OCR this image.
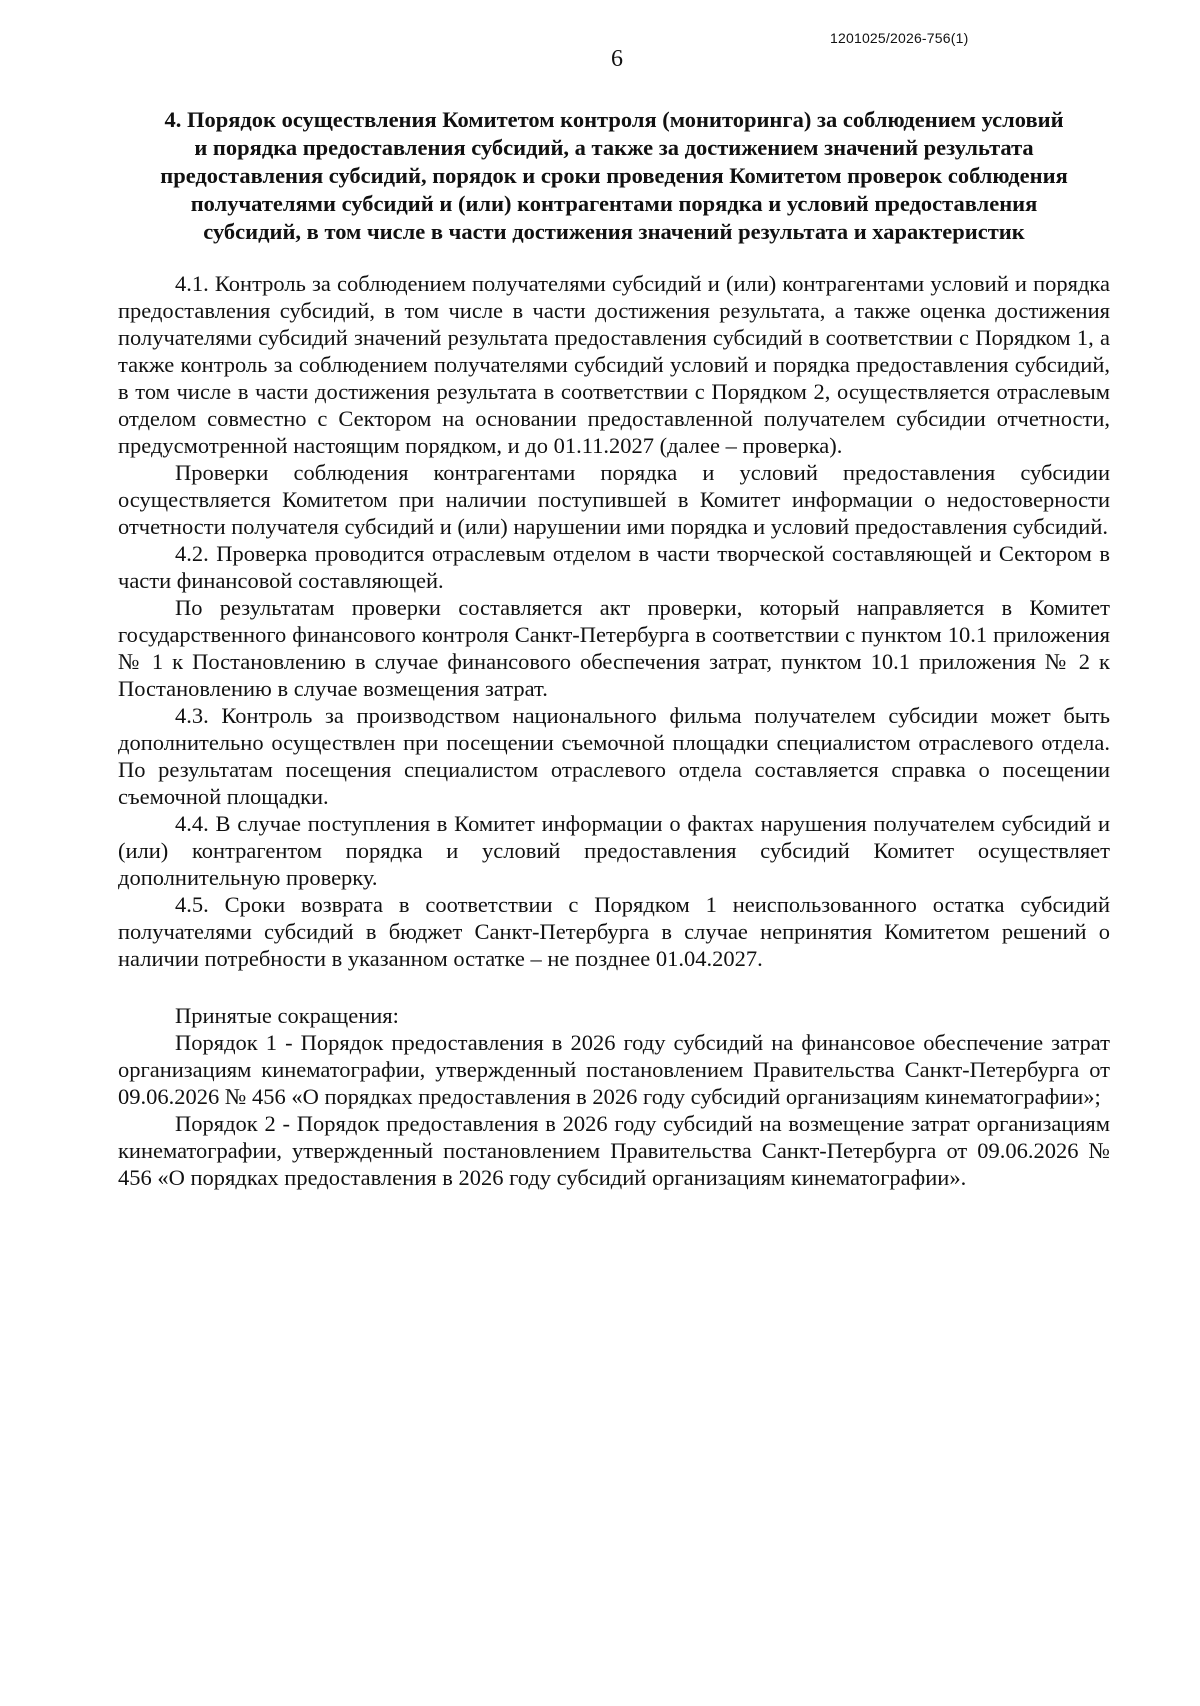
1201025/2026-756(1)
6
4. Порядок осуществления Комитетом контроля (мониторинга) за соблюдением условий
и порядка предоставления субсидий, а также за достижением значений результата
предоставления субсидий, порядок и сроки проведения Комитетом проверок соблюдения
получателями субсидий и (или) контрагентами порядка и условий предоставления
субсидий, в том числе в части достижения значений результата и характеристик

4.1. Контроль за соблюдением получателями субсидий и (или) контрагентами условий и порядка предоставления субсидий, в том числе в части достижения результата, а также оценка достижения получателями субсидий значений результата предоставления субсидий в соответствии с Порядком 1, а также контроль за соблюдением получателями субсидий условий и порядка предоставления субсидий, в том числе в части достижения результата в соответствии с Порядком 2, осуществляется отраслевым отделом совместно с Сектором на основании предоставленной получателем субсидии отчетности, предусмотренной настоящим порядком, и до 01.11.2027 (далее – проверка).

Проверки соблюдения контрагентами порядка и условий предоставления субсидии осуществляется Комитетом при наличии поступившей в Комитет информации о недостоверности отчетности получателя субсидий и (или) нарушении ими порядка и условий предоставления субсидий.

4.2. Проверка проводится отраслевым отделом в части творческой составляющей и Сектором в части финансовой составляющей.

По результатам проверки составляется акт проверки, который направляется в Комитет государственного финансового контроля Санкт-Петербурга в соответствии с пунктом 10.1 приложения № 1 к Постановлению в случае финансового обеспечения затрат, пунктом 10.1 приложения № 2 к Постановлению в случае возмещения затрат.

4.3. Контроль за производством национального фильма получателем субсидии может быть дополнительно осуществлен при посещении съемочной площадки специалистом отраслевого отдела. По результатам посещения специалистом отраслевого отдела составляется справка о посещении съемочной площадки.

4.4. В случае поступления в Комитет информации о фактах нарушения получателем субсидий и (или) контрагентом порядка и условий предоставления субсидий Комитет осуществляет дополнительную проверку.

4.5. Сроки возврата в соответствии с Порядком 1 неиспользованного остатка субсидий получателями субсидий в бюджет Санкт-Петербурга в случае непринятия Комитетом решений о наличии потребности в указанном остатке – не позднее 01.04.2027.

Принятые сокращения:

Порядок 1 - Порядок предоставления в 2026 году субсидий на финансовое обеспечение затрат организациям кинематографии, утвержденный постановлением Правительства Санкт-Петербурга от 09.06.2026 № 456 «О порядках предоставления в 2026 году субсидий организациям кинематографии»;

Порядок 2 - Порядок предоставления в 2026 году субсидий на возмещение затрат организациям кинематографии, утвержденный постановлением Правительства Санкт-Петербурга от 09.06.2026 № 456 «О порядках предоставления в 2026 году субсидий организациям кинематографии».
